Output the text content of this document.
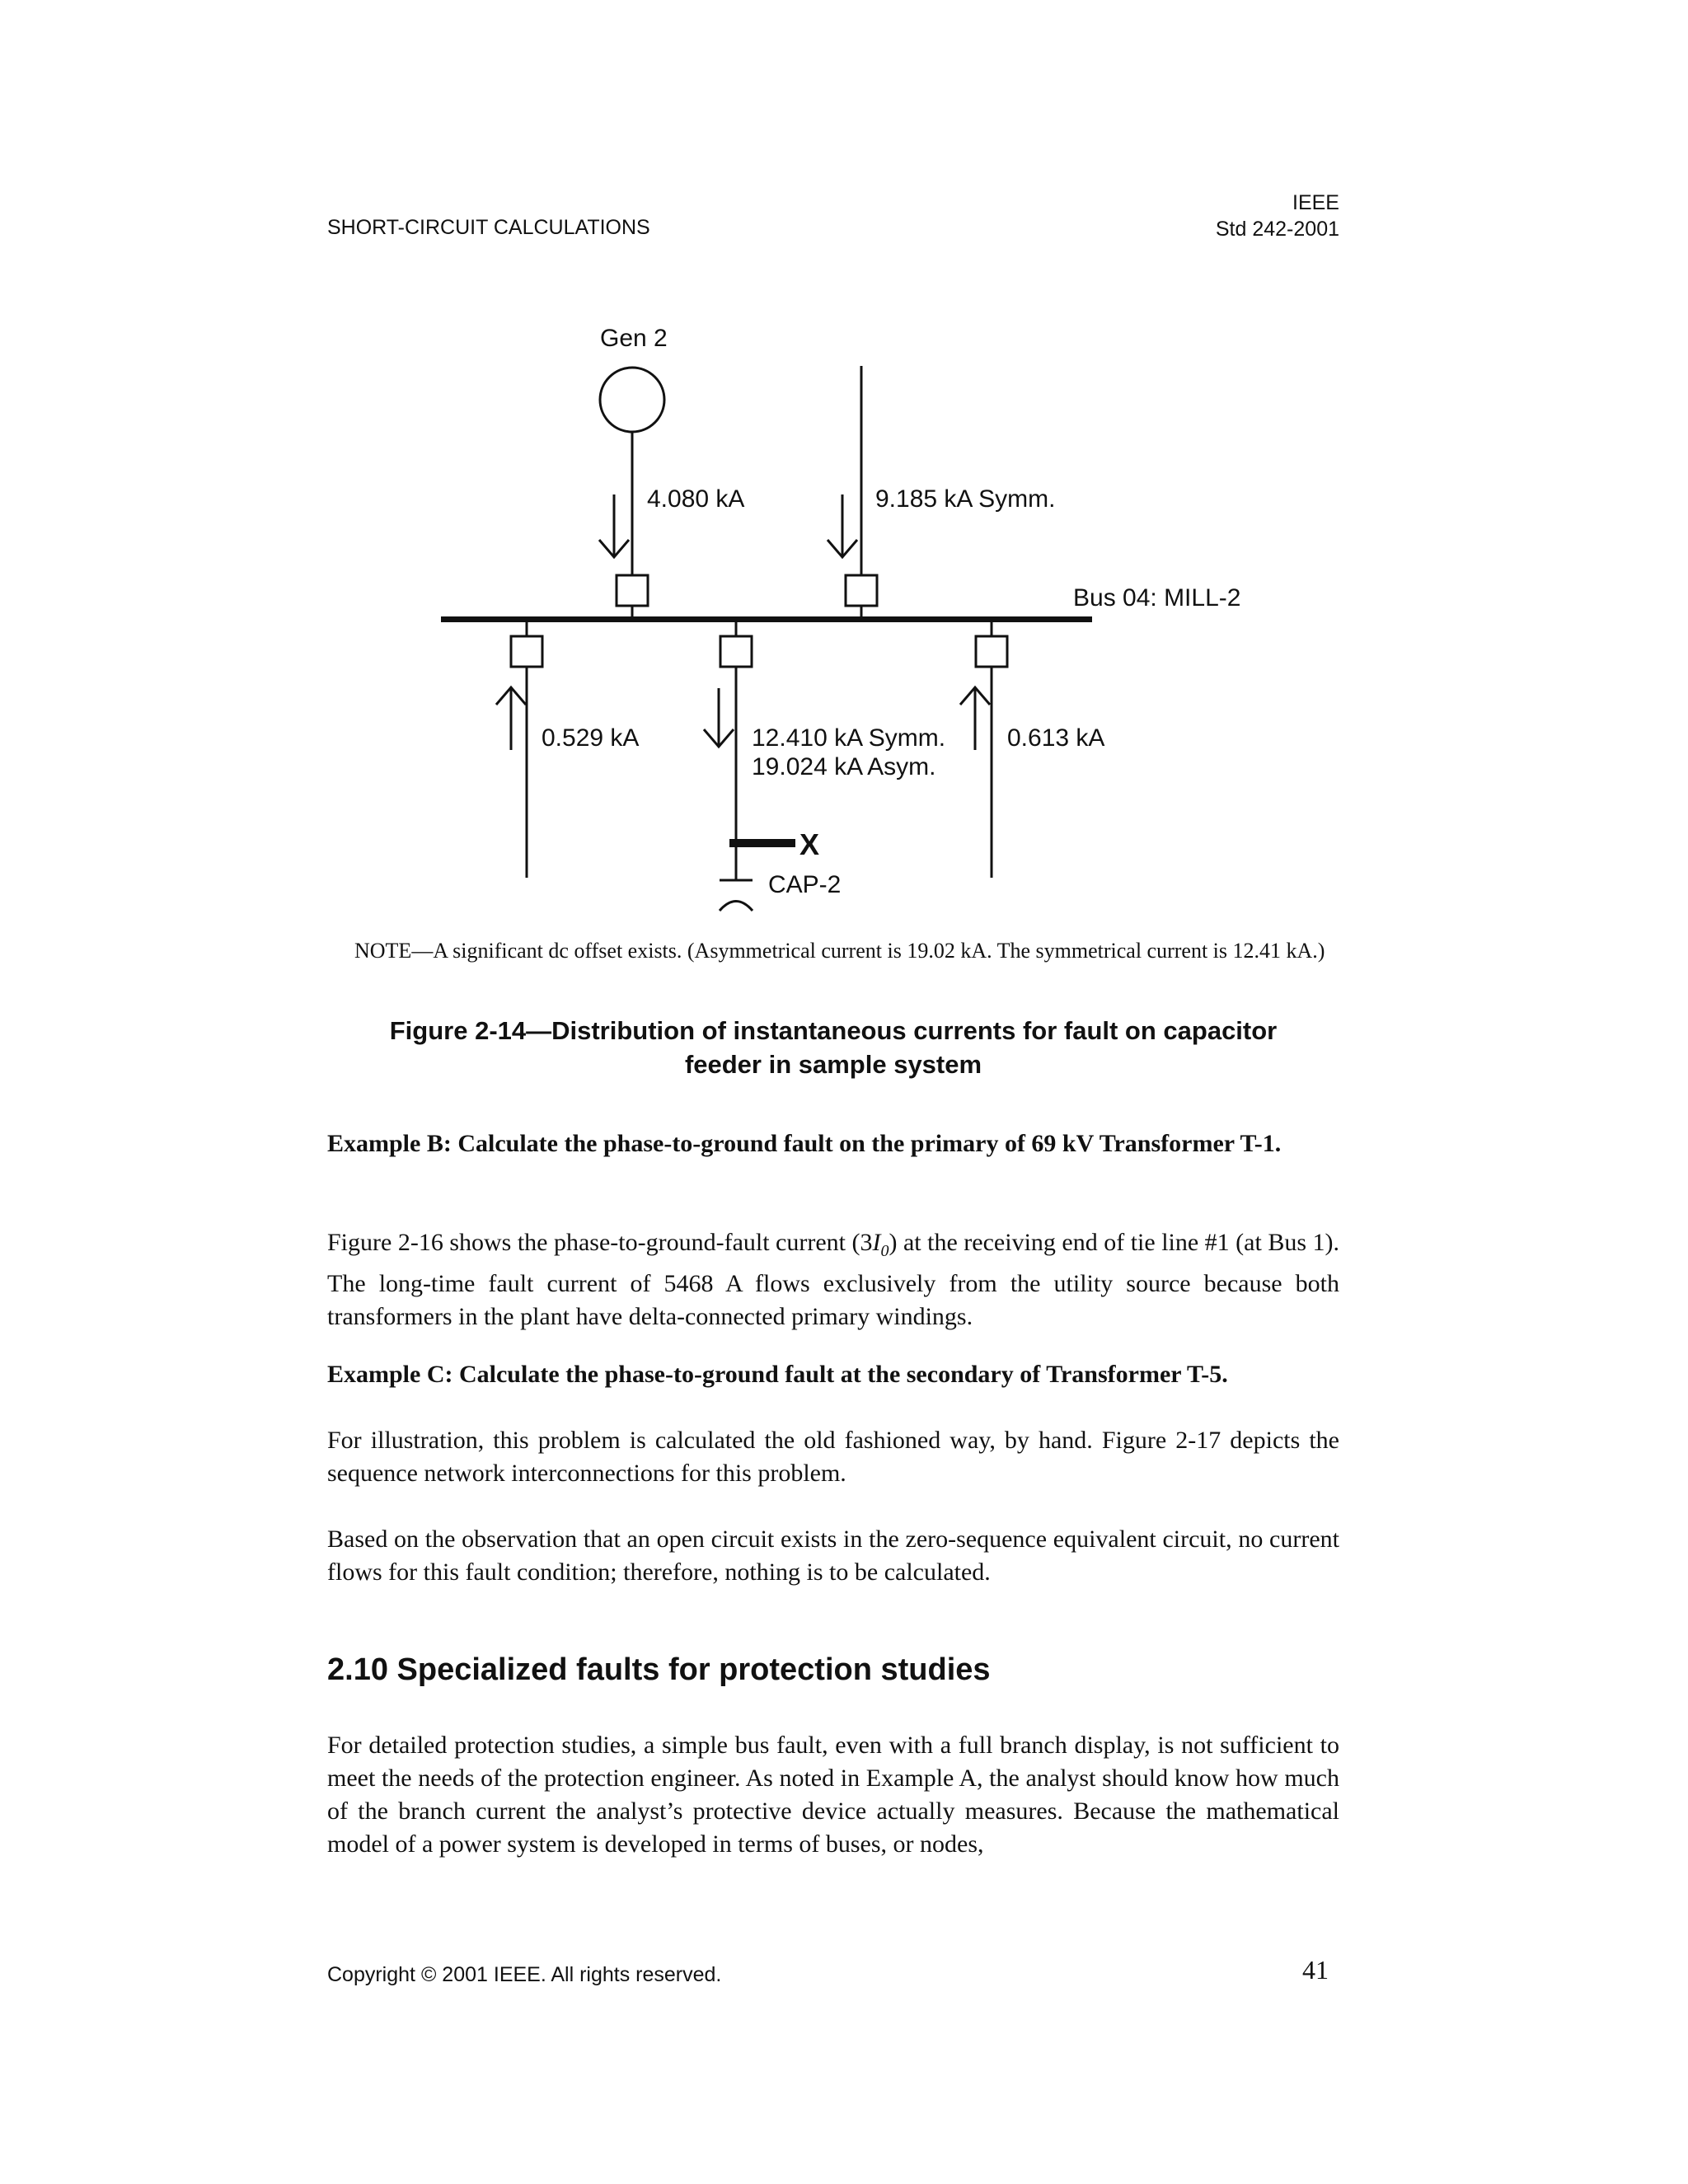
SHORT-CIRCUIT CALCULATIONS
IEEE
Std 242-2001
Gen 2
4.080 kA	9.185 kA Symm.
Bus 04: MILL-2
0.529 kA	12.410 kA Symm.
19.024 kA Asym.
0.613 kA
X
CAP-2
NOTE—A significant dc offset exists. (Asymmetrical current is 19.02 kA. The symmetrical current is 12.41 kA.)
Figure 2-14—Distribution of instantaneous currents for fault on capacitor
feeder in sample system
Example B: Calculate the phase-to-ground fault on the primary of 69 kV Transformer T-1.
Figure 2-16 shows the phase-to-ground-fault current $(3I_0)$ at the receiving end of tie line #1 (at Bus 1). The long-time fault current of 5468 A flows exclusively from the utility source because both transformers in the plant have delta-connected primary windings.
Example C: Calculate the phase-to-ground fault at the secondary of Transformer T-5.
For illustration, this problem is calculated the old fashioned way, by hand. Figure 2-17 depicts the sequence network interconnections for this problem.
Based on the observation that an open circuit exists in the zero-sequence equivalent circuit, no current flows for this fault condition; therefore, nothing is to be calculated.
2.10 Specialized faults for protection studies
For detailed protection studies, a simple bus fault, even with a full branch display, is not sufficient to meet the needs of the protection engineer. As noted in Example A, the analyst should know how much of the branch current the analyst’s protective device actually measures. Because the mathematical model of a power system is developed in terms of buses, or nodes,
Copyright © 2001 IEEE. All rights reserved.	41
